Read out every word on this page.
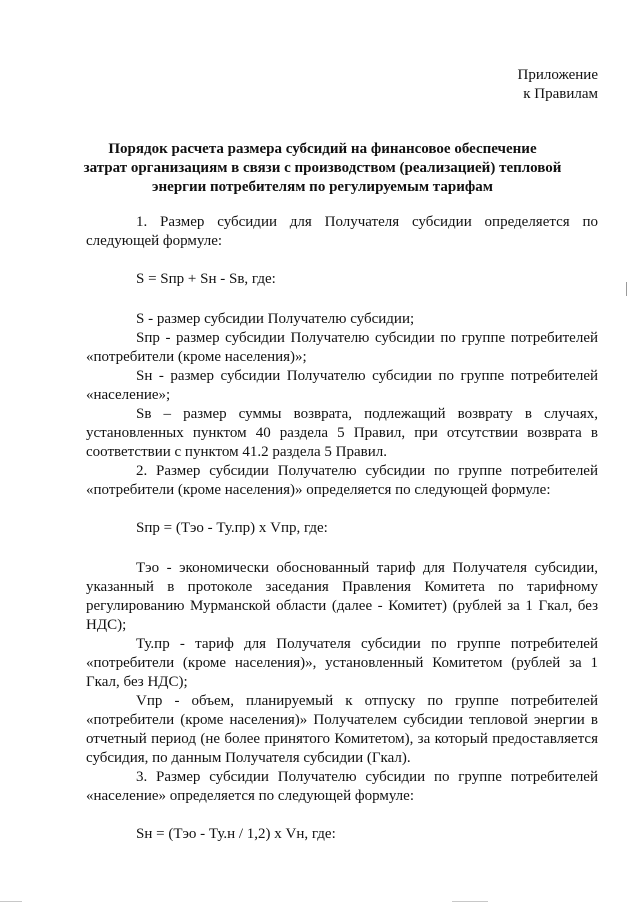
Приложение
к Правилам
Порядок расчета размера субсидий на финансовое обеспечение
затрат организациям в связи с производством (реализацией) тепловой
энергии потребителям по регулируемым тарифам

1. Размер субсидии для Получателя субсидии определяется по следующей формуле:

S = Sпр + Sн - Sв, где:

S - размер субсидии Получателю субсидии;

Sпр - размер субсидии Получателю субсидии по группе потребителей «потребители (кроме населения)»;

Sн - размер субсидии Получателю субсидии по группе потребителей «население»;

Sв – размер суммы возврата, подлежащий возврату в случаях, установленных пунктом 40 раздела 5 Правил, при отсутствии возврата в соответствии с пунктом 41.2 раздела 5 Правил.

2. Размер субсидии Получателю субсидии по группе потребителей «потребители (кроме населения)» определяется по следующей формуле:

Sпр = (Тэо - Ту.пр) х Vпр, где:

Тэо - экономически обоснованный тариф для Получателя субсидии, указанный в протоколе заседания Правления Комитета по тарифному регулированию Мурманской области (далее - Комитет) (рублей за 1 Гкал, без НДС);

Ту.пр - тариф для Получателя субсидии по группе потребителей «потребители (кроме населения)», установленный Комитетом (рублей за 1 Гкал, без НДС);

Vпр - объем, планируемый к отпуску по группе потребителей «потребители (кроме населения)» Получателем субсидии тепловой энергии в отчетный период (не более принятого Комитетом), за который предоставляется субсидия, по данным Получателя субсидии (Гкал).

3. Размер субсидии Получателю субсидии по группе потребителей «население» определяется по следующей формуле:

Sн = (Тэо - Ту.н / 1,2) х Vн, где:
